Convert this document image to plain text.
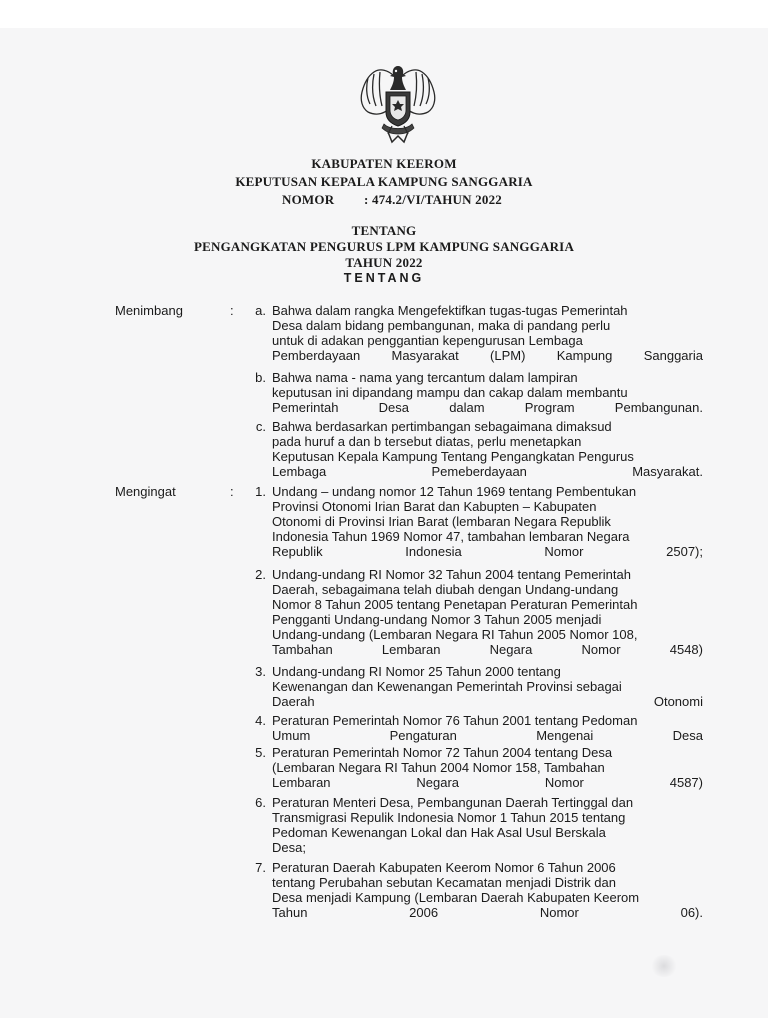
KABUPATEN KEEROM
KEPUTUSAN KEPALA KAMPUNG SANGGARIA
NOMOR : 474.2/VI/TAHUN 2022
TENTANG
PENGANGKATAN PENGURUS LPM KAMPUNG SANGGARIA
TAHUN 2022
TENTANG
Menimbang	:	a. Bahwa dalam rangka Mengefektifkan tugas-tugas Pemerintah
Desa dalam bidang pembangunan, maka di pandang perlu
untuk di adakan penggantian kepengurusan Lembaga
Pemberdayaan Masyarakat (LPM) Kampung Sanggaria
b. Bahwa nama - nama yang tercantum dalam lampiran
keputusan ini dipandang mampu dan cakap dalam membantu
Pemerintah Desa dalam Program Pembangunan.
c. Bahwa berdasarkan pertimbangan sebagaimana dimaksud
pada huruf a dan b tersebut diatas, perlu menetapkan
Keputusan Kepala Kampung Tentang Pengangkatan Pengurus
Lembaga Pemeberdayaan Masyarakat.
Mengingat	:	1. Undang – undang nomor 12 Tahun 1969 tentang Pembentukan
Provinsi Otonomi Irian Barat dan Kabupten – Kabupaten
Otonomi di Provinsi Irian Barat (lembaran Negara Republik
Indonesia Tahun 1969 Nomor 47, tambahan lembaran Negara
Republik Indonesia Nomor 2507);
2. Undang-undang RI Nomor 32 Tahun 2004 tentang Pemerintah
Daerah, sebagaimana telah diubah dengan Undang-undang
Nomor 8 Tahun 2005 tentang Penetapan Peraturan Pemerintah
Pengganti Undang-undang Nomor 3 Tahun 2005 menjadi
Undang-undang (Lembaran Negara RI Tahun 2005 Nomor 108,
Tambahan Lembaran Negara Nomor 4548)
3. Undang-undang RI Nomor 25 Tahun 2000 tentang
Kewenangan dan Kewenangan Pemerintah Provinsi sebagai
Daerah Otonomi
4. Peraturan Pemerintah Nomor 76 Tahun 2001 tentang Pedoman
Umum Pengaturan Mengenai Desa
5. Peraturan Pemerintah Nomor 72 Tahun 2004 tentang Desa
(Lembaran Negara RI Tahun 2004 Nomor 158, Tambahan
Lembaran Negara Nomor 4587)
6. Peraturan Menteri Desa, Pembangunan Daerah Tertinggal dan
Transmigrasi Repulik Indonesia Nomor 1 Tahun 2015 tentang
Pedoman Kewenangan Lokal dan Hak Asal Usul Berskala
Desa;
7. Peraturan Daerah Kabupaten Keerom Nomor 6 Tahun 2006
tentang Perubahan sebutan Kecamatan menjadi Distrik dan
Desa menjadi Kampung (Lembaran Daerah Kabupaten Keerom
Tahun 2006 Nomor 06).
